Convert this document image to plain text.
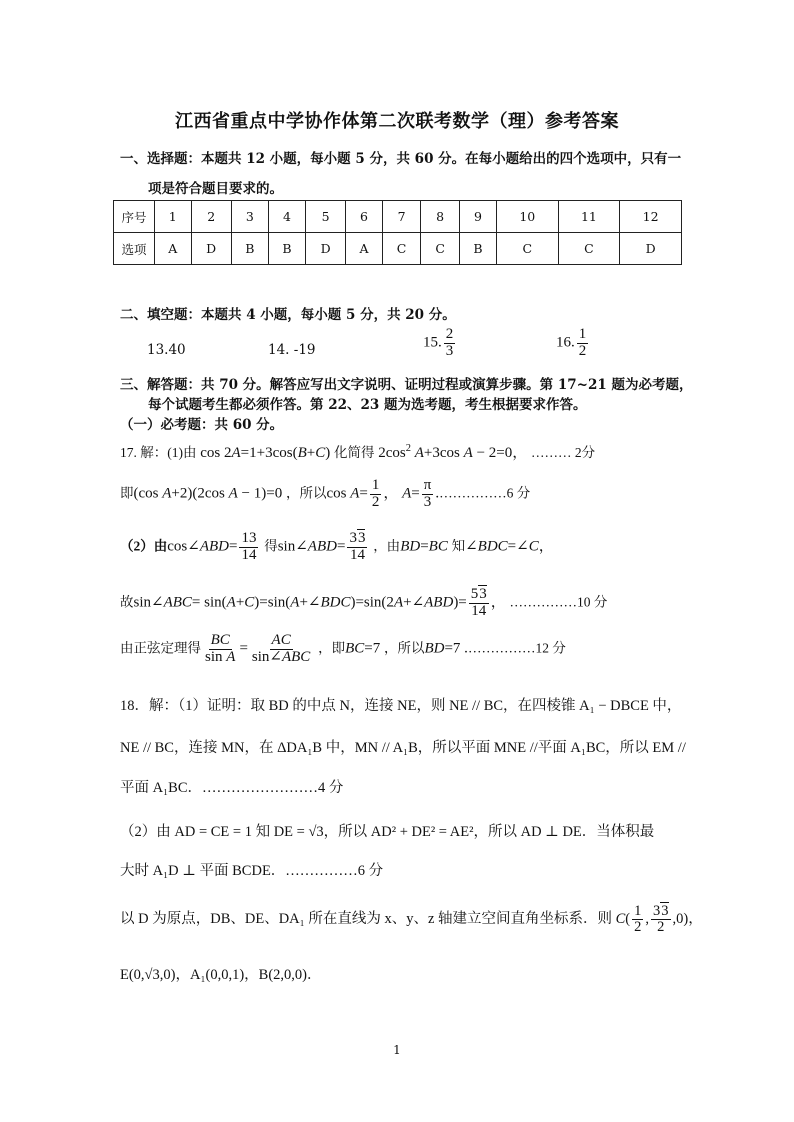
江西省重点中学协作体第二次联考数学（理）参考答案
一、选择题：本题共 12 小题，每小题 5 分，共 60 分。在每小题给出的四个选项中，只有一
项是符合题目要求的。
序号	1	2	3	4	5	6	7	8	9	10	11	12
选项	A	D	B	B	D	A	C	C	B	C	C	D
二、填空题：本题共 4 小题，每小题 5 分，共 20 分。
13.40	14. -19	15. $\frac{2}{3}$	16. $\frac{1}{2}$
三、解答题：共 70 分。解答应写出文字说明、证明过程或演算步骤。第 17~21 题为必考题，
每个试题考生都必须作答。第 22、23 题为选考题，考生根据要求作答。
（一）必考题：共 60 分。
17. 解：(1)由 cos 2A=1+3cos(B+C) 化简得 $2\cos^2$ A+3cos A − 2=0， ……… 2分
即(cos A+2)(2cos A − 1)=0 ，所以$\cos A= \frac{1}{2}$ ， $A= \frac{\pi}{3}$ .……………6 分
（2）由cos∠ABD= $\frac{13}{14}$ 得sin∠ABD= $\frac{33}{14}$ ，由BD=BC 知∠BDC=∠C，
故sin∠ABC= sin(A+C)=sin(A+∠BDC)=sin(2A+∠ABD)= $\frac{53}{14}$ ， ……………10 分
由正弦定理得 $\frac{BC}{\text{sin A}} = \frac{AC}{\text{sin∠ABC}}$ ，即BC=7 ，所以BD=7 .……………12 分
18．解：（1）证明：取 BD 的中点 N，连接 NE，则 NE // BC，在四棱锥 A₁ − DBCE 中，
NE // BC，连接 MN，在 ΔDA₁B 中，MN // A₁B，所以平面 MNE //平面 A₁BC，所以 EM //
平面 A₁BC．……………………4 分
（2）由 AD = CE = 1 知 DE = √3，所以 AD² + DE² = AE²，所以 AD ⊥ DE．当体积最
大时 A₁D ⊥ 平面 BCDE．……………6 分
以 D 为原点，DB、DE、DA₁ 所在直线为 x、y、z 轴建立空间直角坐标系．则 $C( \frac{1}{2}$ , $\frac{33}{2} ,0$)，
E(0,√3,0)，A₁(0,0,1)，B(2,0,0)．
1
